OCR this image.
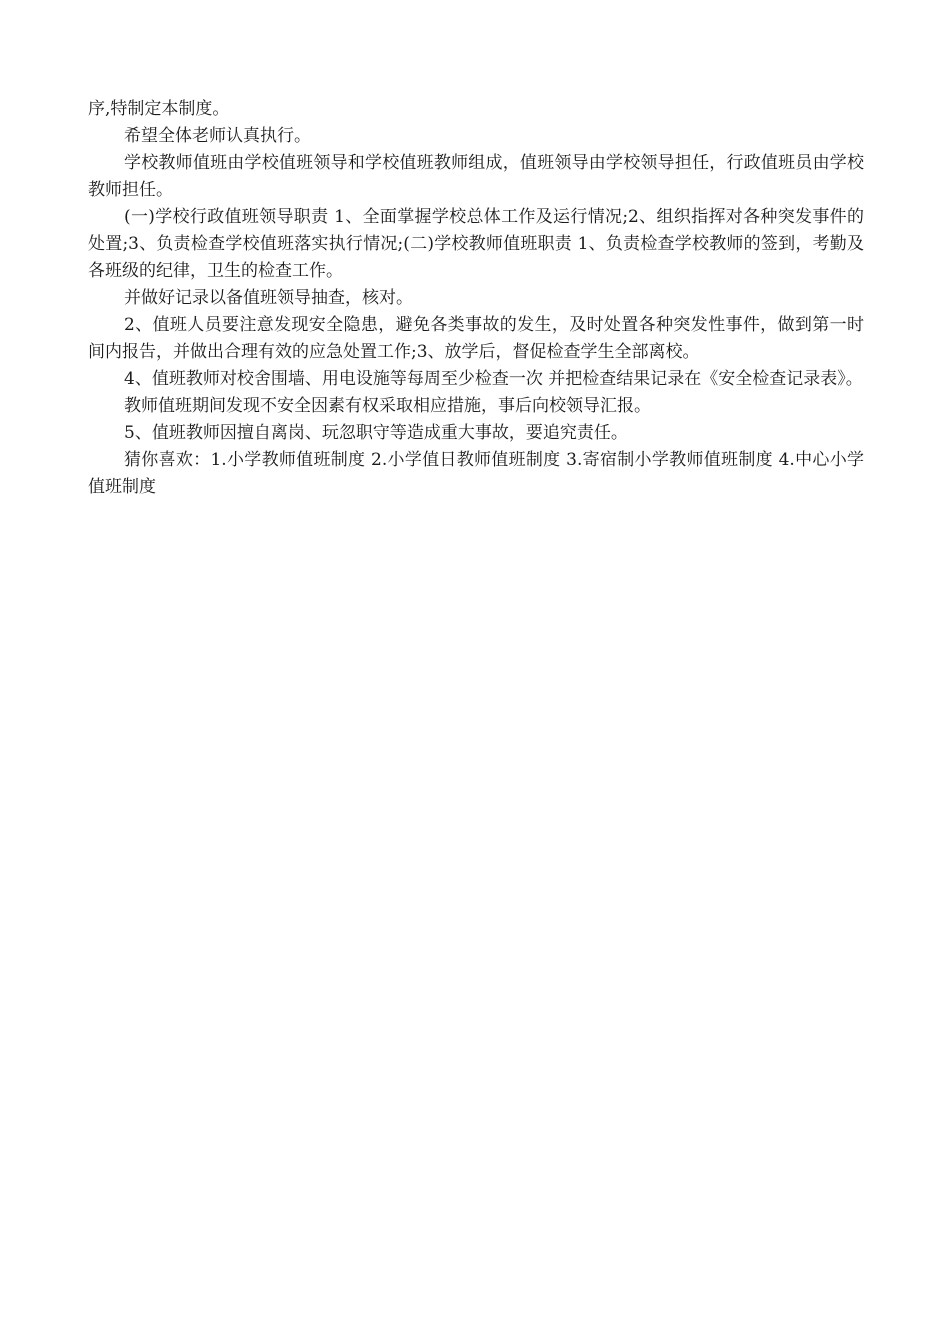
序,特制定本制度。

希望全体老师认真执行。

学校教师值班由学校值班领导和学校值班教师组成，值班领导由学校领导担任，行政值班员由学校教师担任。

(一)学校行政值班领导职责 1、全面掌握学校总体工作及运行情况;2、组织指挥对各种突发事件的处置;3、负责检查学校值班落实执行情况;(二)学校教师值班职责 1、负责检查学校教师的签到，考勤及各班级的纪律，卫生的检查工作。

并做好记录以备值班领导抽查，核对。

2、值班人员要注意发现安全隐患，避免各类事故的发生，及时处置各种突发性事件，做到第一时间内报告，并做出合理有效的应急处置工作;3、放学后，督促检查学生全部离校。

4、值班教师对校舍围墙、用电设施等每周至少检查一次 并把检查结果记录在《安全检查记录表》。

教师值班期间发现不安全因素有权采取相应措施，事后向校领导汇报。

5、值班教师因擅自离岗、玩忽职守等造成重大事故，要追究责任。

猜你喜欢：1.小学教师值班制度 2.小学值日教师值班制度 3.寄宿制小学教师值班制度 4.中心小学值班制度
